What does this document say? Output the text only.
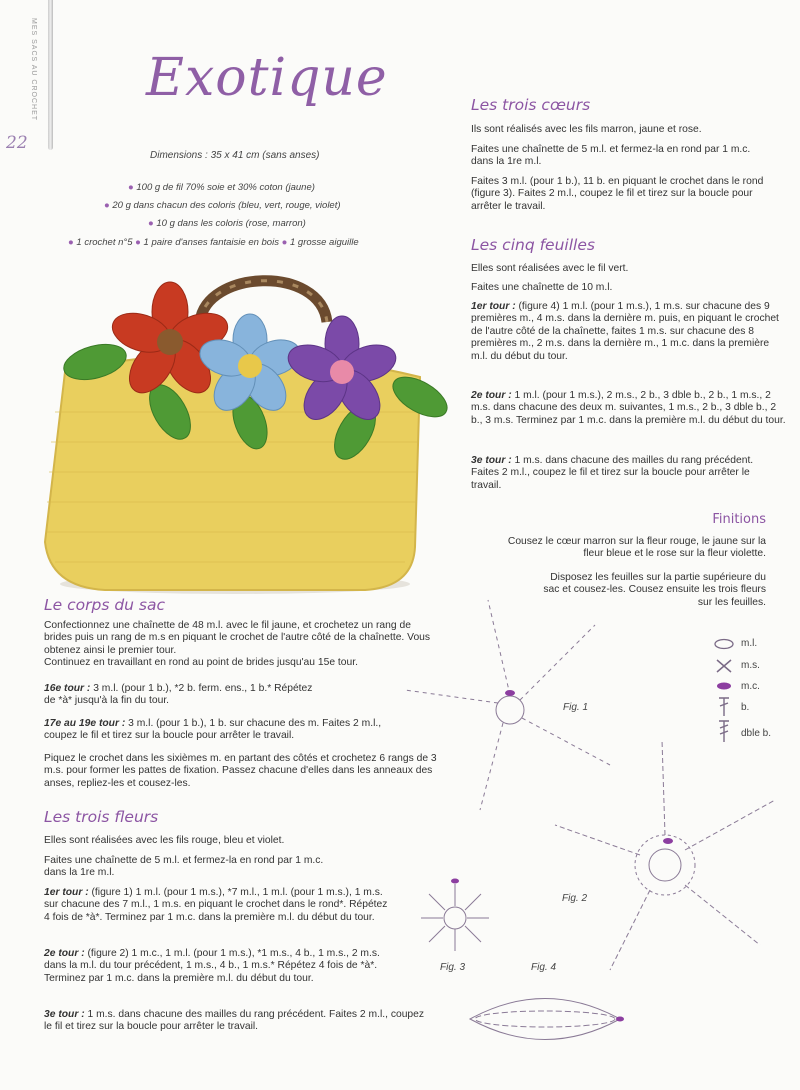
MES SACS AU CROCHET
22
Exotique
Dimensions : 35 x 41 cm (sans anses)
● 100 g de fil 70% soie et 30% coton (jaune)
● 20 g dans chacun des coloris (bleu, vert, rouge, violet)
● 10 g dans les coloris (rose, marron)
● 1 crochet n°5 ● 1 paire d'anses fantaisie en bois ● 1 grosse aiguille
Le corps du sac
Confectionnez une chaînette de 48 m.l. avec le fil jaune, et crochetez un rang de brides puis un rang de m.s en piquant le crochet de l'autre côté de la chaînette. Vous obtenez ainsi le premier tour.
Continuez en travaillant en rond au point de brides jusqu'au 15e tour.
16e tour : 3 m.l. (pour 1 b.), *2 b. ferm. ens., 1 b.* Répétez de *à* jusqu'à la fin du tour.
17e au 19e tour : 3 m.l. (pour 1 b.), 1 b. sur chacune des m. Faites 2 m.l., coupez le fil et tirez sur la boucle pour arrêter le travail.
Piquez le crochet dans les sixièmes m. en partant des côtés et crochetez 6 rangs de 3 m.s. pour former les pattes de fixation. Passez chacune d'elles dans les anneaux des anses, repliez-les et cousez-les.
Les trois fleurs
Elles sont réalisées avec les fils rouge, bleu et violet.
Faites une chaînette de 5 m.l. et fermez-la en rond par 1 m.c. dans la 1re m.l.
1er tour : (figure 1) 1 m.l. (pour 1 m.s.), *7 m.l., 1 m.l. (pour 1 m.s.), 1 m.s. sur chacune des 7 m.l., 1 m.s. en piquant le crochet dans le rond*. Répétez 4 fois de *à*. Terminez par 1 m.c. dans la première m.l. du début du tour.
2e tour : (figure 2) 1 m.c., 1 m.l. (pour 1 m.s.), *1 m.s., 4 b., 1 m.s., 2 m.s. dans la m.l. du tour précédent, 1 m.s., 4 b., 1 m.s.* Répétez 4 fois de *à*. Terminez par 1 m.c. dans la première m.l. du début du tour.
3e tour : 1 m.s. dans chacune des mailles du rang précédent. Faites 2 m.l., coupez le fil et tirez sur la boucle pour arrêter le travail.
Les trois cœurs
Ils sont réalisés avec les fils marron, jaune et rose.
Faites une chaînette de 5 m.l. et fermez-la en rond par 1 m.c. dans la 1re m.l.
Faites 3 m.l. (pour 1 b.), 11 b. en piquant le crochet dans le rond (figure 3). Faites 2 m.l., coupez le fil et tirez sur la boucle pour arrêter le travail.
Les cinq feuilles
Elles sont réalisées avec le fil vert.
Faites une chaînette de 10 m.l.
1er tour : (figure 4) 1 m.l. (pour 1 m.s.), 1 m.s. sur chacune des 9 premières m., 4 m.s. dans la dernière m. puis, en piquant le crochet de l'autre côté de la chaînette, faites 1 m.s. sur chacune des 8 premières m., 2 m.s. dans la dernière m., 1 m.c. dans la première m.l. du début du tour.
2e tour : 1 m.l. (pour 1 m.s.), 2 m.s., 2 b., 3 dble b., 2 b., 1 m.s., 2 m.s. dans chacune des deux m. suivantes, 1 m.s., 2 b., 3 dble b., 2 b., 3 m.s. Terminez par 1 m.c. dans la première m.l. du début du tour.
3e tour : 1 m.s. dans chacune des mailles du rang précédent. Faites 2 m.l., coupez le fil et tirez sur la boucle pour arrêter le travail.
Finitions
Cousez le cœur marron sur la fleur rouge, le jaune sur la fleur bleue et le rose sur la fleur violette.
Disposez les feuilles sur la partie supérieure du sac et cousez-les. Cousez ensuite les trois fleurs sur les feuilles.
m.l.
m.s.
m.c.
b.
dble b.
Fig. 1
Fig. 2
Fig. 3	Fig. 4
